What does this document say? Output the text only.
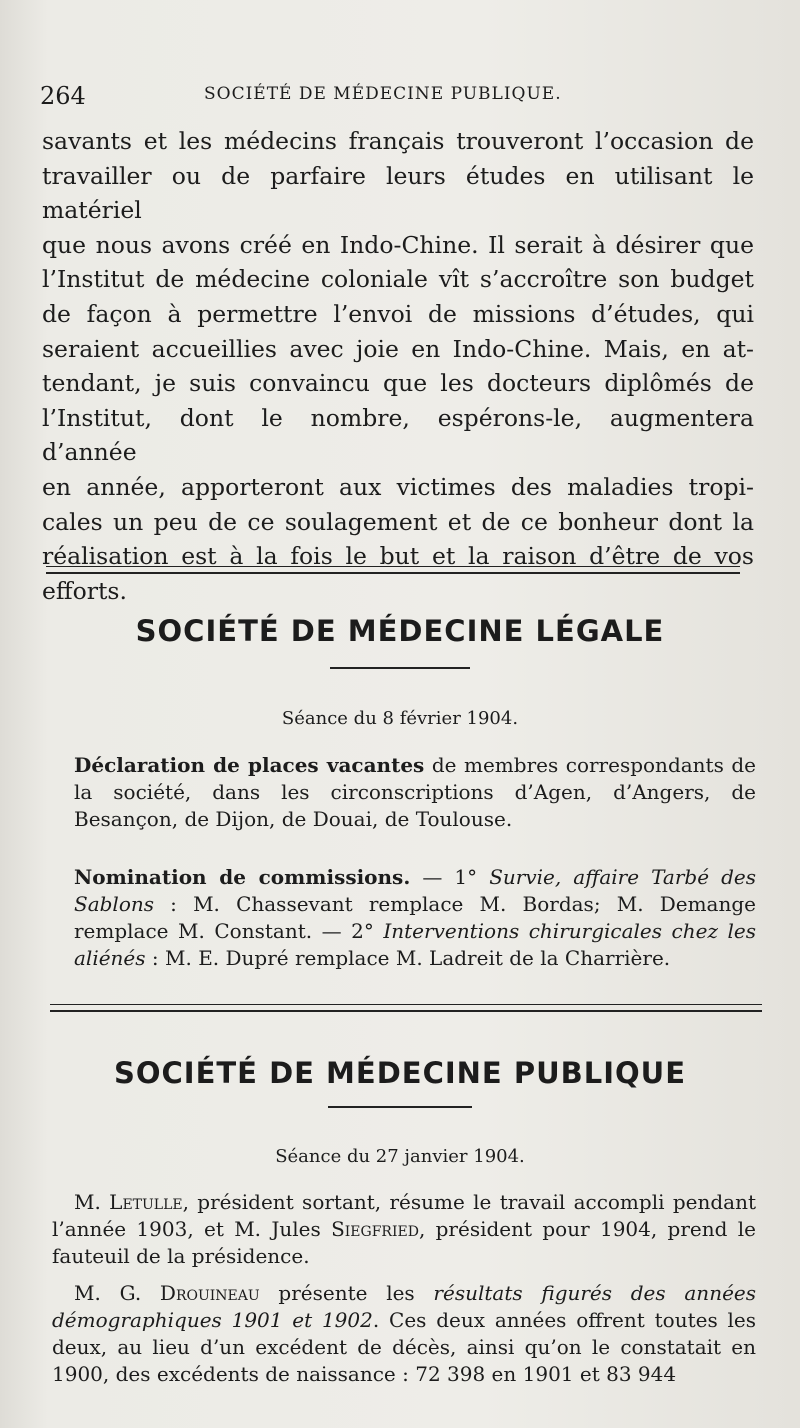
264	SOCIÉTÉ DE MÉDECINE PUBLIQUE.
savants et les médecins français trouveront l’occasion de
travailler ou de parfaire leurs études en utilisant le matériel
que nous avons créé en Indo-Chine. Il serait à désirer que
l’Institut de médecine coloniale vît s’accroître son budget
de façon à permettre l’envoi de missions d’études, qui
seraient accueillies avec joie en Indo-Chine. Mais, en at-
tendant, je suis convaincu que les docteurs diplômés de
l’Institut, dont le nombre, espérons-le, augmentera d’année
en année, apporteront aux victimes des maladies tropi-
cales un peu de ce soulagement et de ce bonheur dont la
réalisation est à la fois le but et la raison d’être de vos
efforts.
SOCIÉTÉ DE MÉDECINE LÉGALE
Séance du 8 février 1904.

Déclaration de places vacantes de membres correspondants de la société, dans les circonscriptions d’Agen, d’Angers, de Besançon, de Dijon, de Douai, de Toulouse.

Nomination de commissions. — 1° Survie, affaire Tarbé des Sablons : M. Chassevant remplace M. Bordas; M. Demange remplace M. Constant. — 2° Interventions chirurgicales chez les aliénés : M. E. Dupré remplace M. Ladreit de la Charrière.

SOCIÉTÉ DE MÉDECINE PUBLIQUE
Séance du 27 janvier 1904.

M. Letulle, président sortant, résume le travail accompli pendant l’année 1903, et M. Jules Siegfried, président pour 1904, prend le fauteuil de la présidence.

M. G. Drouineau présente les résultats figurés des années démographiques 1901 et 1902. Ces deux années offrent toutes les deux, au lieu d’un excédent de décès, ainsi qu’on le constatait en 1900, des excédents de naissance : 72 398 en 1901 et 83 944
